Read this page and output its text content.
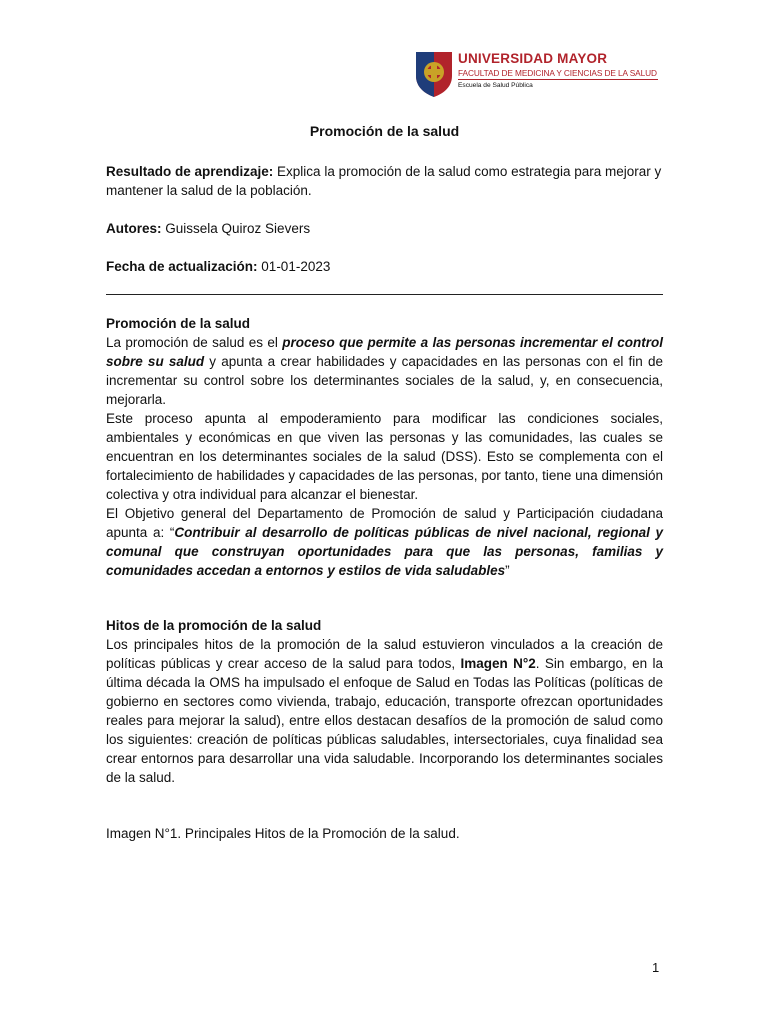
UNIVERSIDAD MAYOR
FACULTAD DE MEDICINA Y CIENCIAS DE LA SALUD
Escuela de Salud Pública

Promoción de la salud

Resultado de aprendizaje: Explica la promoción de la salud como estrategia para mejorar y mantener la salud de la población.

Autores: Guissela Quiroz Sievers

Fecha de actualización: 01-01-2023

Promoción de la salud

La promoción de salud es el proceso que permite a las personas incrementar el control sobre su salud y apunta a crear habilidades y capacidades en las personas con el fin de incrementar su control sobre los determinantes sociales de la salud, y, en consecuencia, mejorarla.

Este proceso apunta al empoderamiento para modificar las condiciones sociales, ambientales y económicas en que viven las personas y las comunidades, las cuales se encuentran en los determinantes sociales de la salud (DSS). Esto se complementa con el fortalecimiento de habilidades y capacidades de las personas, por tanto, tiene una dimensión colectiva y otra individual para alcanzar el bienestar.

El Objetivo general del Departamento de Promoción de salud y Participación ciudadana apunta a: “Contribuir al desarrollo de políticas públicas de nivel nacional, regional y comunal que construyan oportunidades para que las personas, familias y comunidades accedan a entornos y estilos de vida saludables”

Hitos de la promoción de la salud

Los principales hitos de la promoción de la salud estuvieron vinculados a la creación de políticas públicas y crear acceso de la salud para todos, Imagen N°2. Sin embargo, en la última década la OMS ha impulsado el enfoque de Salud en Todas las Políticas (políticas de gobierno en sectores como vivienda, trabajo, educación, transporte ofrezcan oportunidades reales para mejorar la salud), entre ellos destacan desafíos de la promoción de salud como los siguientes: creación de políticas públicas saludables, intersectoriales, cuya finalidad sea crear entornos para desarrollar una vida saludable. Incorporando los determinantes sociales de la salud.

Imagen N°1. Principales Hitos de la Promoción de la salud.

1
